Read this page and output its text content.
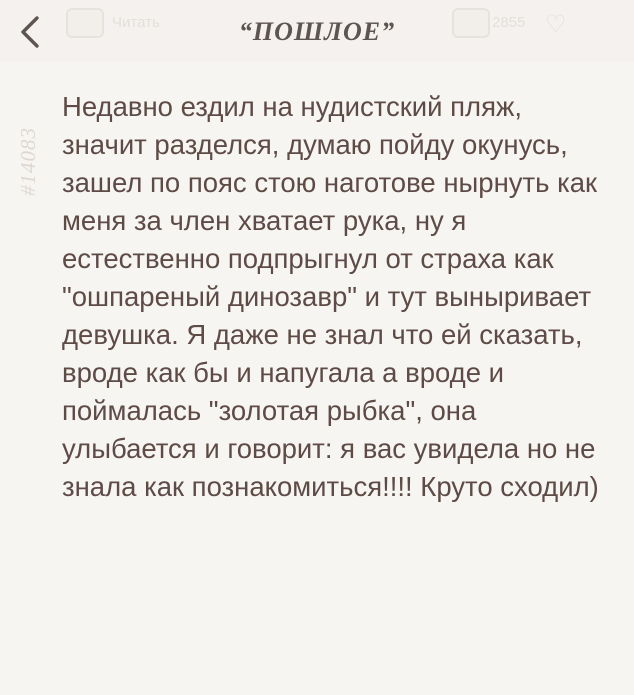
Читать	2855 ♡
“ПОШЛОЕ”
#14083
Недавно ездил на нудистский пляж, значит разделся, думаю пойду окунусь, зашел по пояс стою наготове нырнуть как меня за член хватает рука, ну я естественно подпрыгнул от страха как "ошпареный динозавр" и тут выныривает девушка. Я даже не знал что ей сказать, вроде как бы и напугала а вроде и поймалась "золотая рыбка", она улыбается и говорит: я вас увидела но не знала как познакомиться!!!! Круто сходил)
